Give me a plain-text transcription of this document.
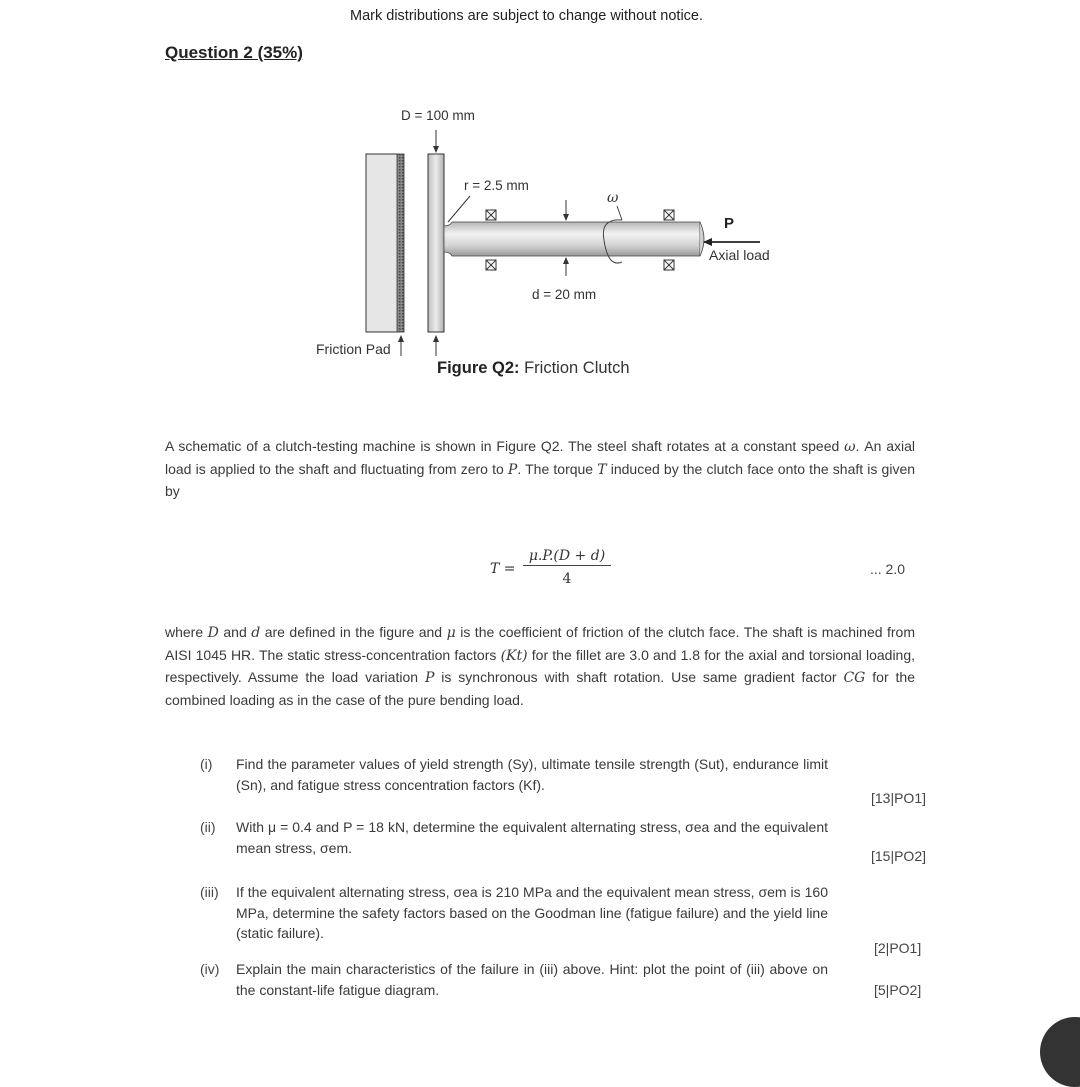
Mark distributions are subject to change without notice.
Question 2 (35%)
D = 100 mm
r = 2.5 mm
ω
P
Axial load
d = 20 mm
Friction Pad
Figure Q2: Friction Clutch
A schematic of a clutch-testing machine is shown in Figure Q2. The steel shaft rotates at a constant speed ω. An axial load is applied to the shaft and fluctuating from zero to P. The torque T induced by the clutch face onto the shaft is given by
T =
μ.P.(D + d)
4
... 2.0
where D and d are defined in the figure and μ is the coefficient of friction of the clutch face. The shaft is machined from AISI 1045 HR. The static stress-concentration factors (Kt) for the fillet are 3.0 and 1.8 for the axial and torsional loading, respectively. Assume the load variation P is synchronous with shaft rotation. Use same gradient factor CG for the combined loading as in the case of the pure bending load.
(i) Find the parameter values of yield strength (Sy), ultimate tensile strength (Sut), endurance limit (Sn), and fatigue stress concentration factors (Kf).
[13|PO1]
(ii) With μ = 0.4 and P = 18 kN, determine the equivalent alternating stress, σea and the equivalent mean stress, σem.
[15|PO2]
(iii) If the equivalent alternating stress, σea is 210 MPa and the equivalent mean stress, σem is 160 MPa, determine the safety factors based on the Goodman line (fatigue failure) and the yield line (static failure).
[2|PO1]
(iv) Explain the main characteristics of the failure in (iii) above. Hint: plot the point of (iii) above on the constant-life fatigue diagram.	[5|PO2]
